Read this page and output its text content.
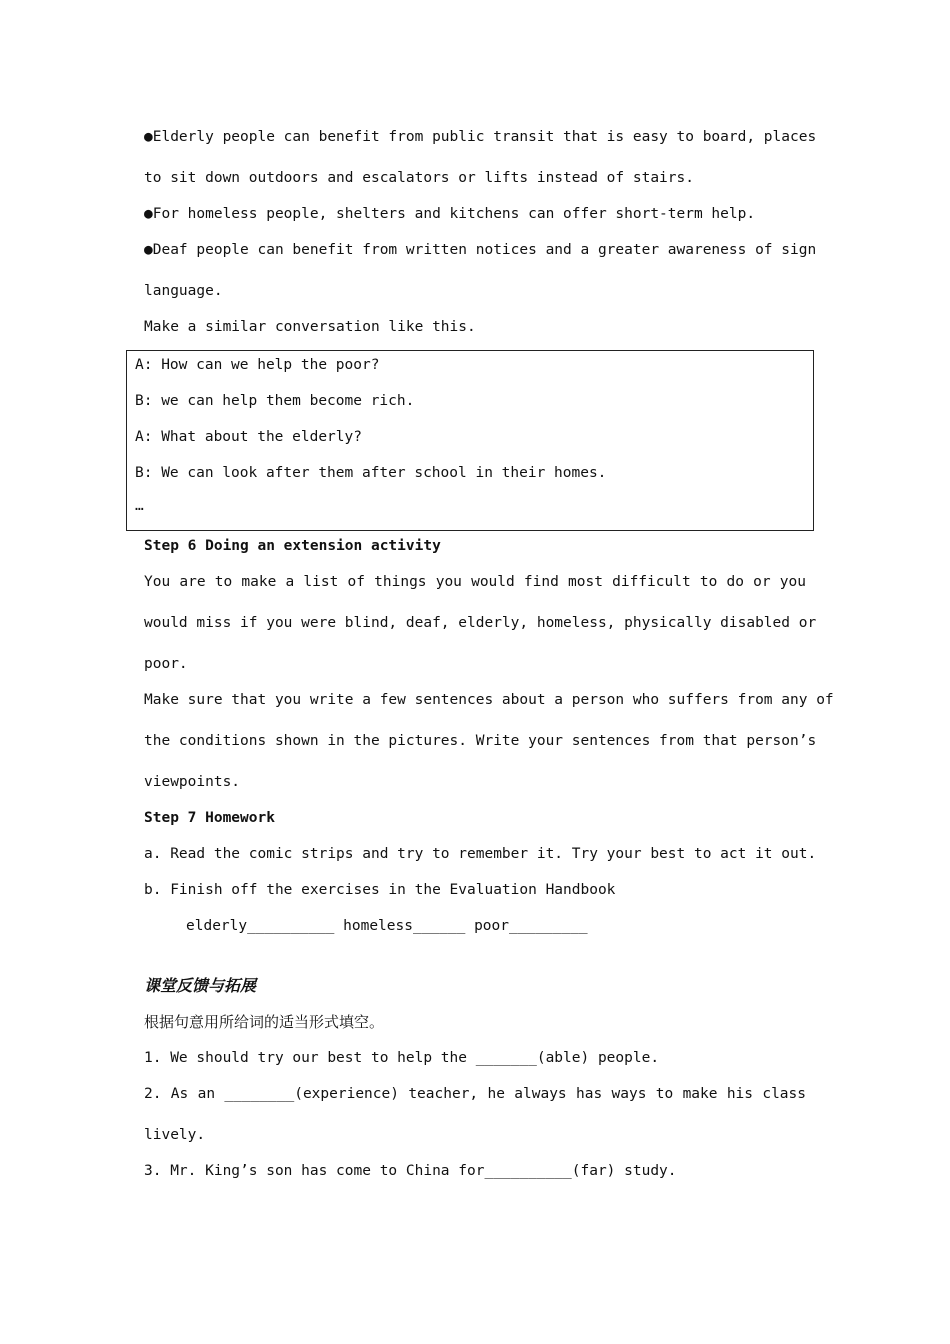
●Elderly people can benefit from public transit that is easy to board, places
to sit down outdoors and escalators or lifts instead of stairs.
●For homeless people, shelters and kitchens can offer short-term help.
●Deaf people can benefit from written notices and a greater awareness of sign
language.
Make a similar conversation like this.
A: How can we help the poor?
B: we can help them become rich.
A: What about the elderly?
B: We can look after them after school in their homes.
…
Step 6 Doing an extension activity
You are to make a list of things you would find most difficult to do or you
would miss if you were blind, deaf, elderly, homeless, physically disabled or
poor.
Make sure that you write a few sentences about a person who suffers from any of
the conditions shown in the pictures. Write your sentences from that person’s
viewpoints.
Step 7 Homework
a. Read the comic strips and try to remember it. Try your best to act it out.
b. Finish off the exercises in the Evaluation Handbook
elderly__________ homeless______ poor_________
课堂反馈与拓展
根据句意用所给词的适当形式填空。
1. We should try our best to help the _______(able) people.
2. As an ________(experience) teacher, he always has ways to make his class
lively.
3. Mr. King’s son has come to China for__________(far) study.
